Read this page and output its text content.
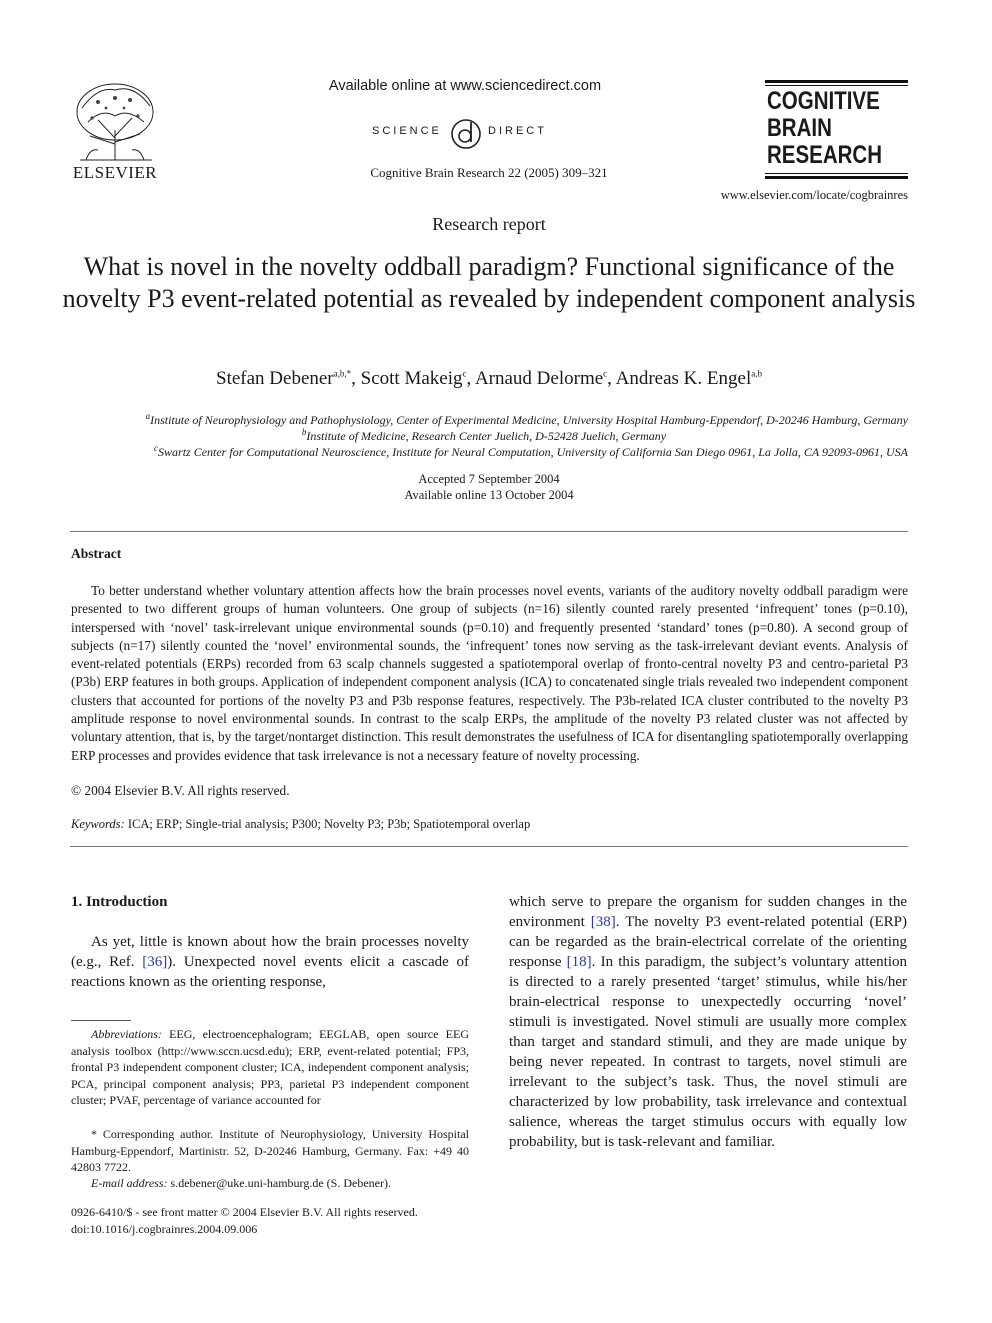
ELSEVIER
Available online at www.sciencedirect.com
SCIENCE	DIRECT
Cognitive Brain Research 22 (2005) 309–321
COGNITIVE
BRAIN
RESEARCH
www.elsevier.com/locate/cogbrainres
Research report
What is novel in the novelty oddball paradigm? Functional significance of the novelty P3 event-related potential as revealed by independent component analysis
Stefan Debener$^{a,b,*}$, Scott Makeig$^c$, Arnaud Delorme$^c$, Andreas K. Engel$^{a,b}$
$^a$Institute of Neurophysiology and Pathophysiology, Center of Experimental Medicine, University Hospital Hamburg-Eppendorf, D-20246 Hamburg, Germany
$^b$Institute of Medicine, Research Center Juelich, D-52428 Juelich, Germany
$^c$Swartz Center for Computational Neuroscience, Institute for Neural Computation, University of California San Diego 0961, La Jolla, CA 92093-0961, USA
Accepted 7 September 2004
Available online 13 October 2004
Abstract
To better understand whether voluntary attention affects how the brain processes novel events, variants of the auditory novelty oddball paradigm were presented to two different groups of human volunteers. One group of subjects (n=16) silently counted rarely presented ‘infrequent’ tones (p=0.10), interspersed with ‘novel’ task-irrelevant unique environmental sounds (p=0.10) and frequently presented ‘standard’ tones (p=0.80). A second group of subjects (n=17) silently counted the ‘novel’ environmental sounds, the ‘infrequent’ tones now serving as the task-irrelevant deviant events. Analysis of event-related potentials (ERPs) recorded from 63 scalp channels suggested a spatiotemporal overlap of fronto-central novelty P3 and centro-parietal P3 (P3b) ERP features in both groups. Application of independent component analysis (ICA) to concatenated single trials revealed two independent component clusters that accounted for portions of the novelty P3 and P3b response features, respectively. The P3b-related ICA cluster contributed to the novelty P3 amplitude response to novel environmental sounds. In contrast to the scalp ERPs, the amplitude of the novelty P3 related cluster was not affected by voluntary attention, that is, by the target/nontarget distinction. This result demonstrates the usefulness of ICA for disentangling spatiotemporally overlapping ERP processes and provides evidence that task irrelevance is not a necessary feature of novelty processing.
© 2004 Elsevier B.V. All rights reserved.
Keywords: ICA; ERP; Single-trial analysis; P300; Novelty P3; P3b; Spatiotemporal overlap
1. Introduction
As yet, little is known about how the brain processes novelty (e.g., Ref. [36]). Unexpected novel events elicit a cascade of reactions known as the orienting response,
which serve to prepare the organism for sudden changes in the environment [38]. The novelty P3 event-related potential (ERP) can be regarded as the brain-electrical correlate of the orienting response [18]. In this paradigm, the subject’s voluntary attention is directed to a rarely presented ‘target’ stimulus, while his/her brain-electrical response to unexpectedly occurring ‘novel’ stimuli is investigated. Novel stimuli are usually more complex than target and standard stimuli, and they are made unique by being never repeated. In contrast to targets, novel stimuli are irrelevant to the subject’s task. Thus, the novel stimuli are characterized by low probability, task irrelevance and contextual salience, whereas the target stimulus occurs with equally low probability, but is task-relevant and familiar.
Abbreviations: EEG, electroencephalogram; EEGLAB, open source EEG analysis toolbox (http://www.sccn.ucsd.edu); ERP, event-related potential; FP3, frontal P3 independent component cluster; ICA, independent component analysis; PCA, principal component analysis; PP3, parietal P3 independent component cluster; PVAF, percentage of variance accounted for
* Corresponding author. Institute of Neurophysiology, University Hospital Hamburg-Eppendorf, Martinistr. 52, D-20246 Hamburg, Germany. Fax: +49 40 42803 7722.
E-mail address: s.debener@uke.uni-hamburg.de (S. Debener).
0926-6410/$ - see front matter © 2004 Elsevier B.V. All rights reserved.
doi:10.1016/j.cogbrainres.2004.09.006
